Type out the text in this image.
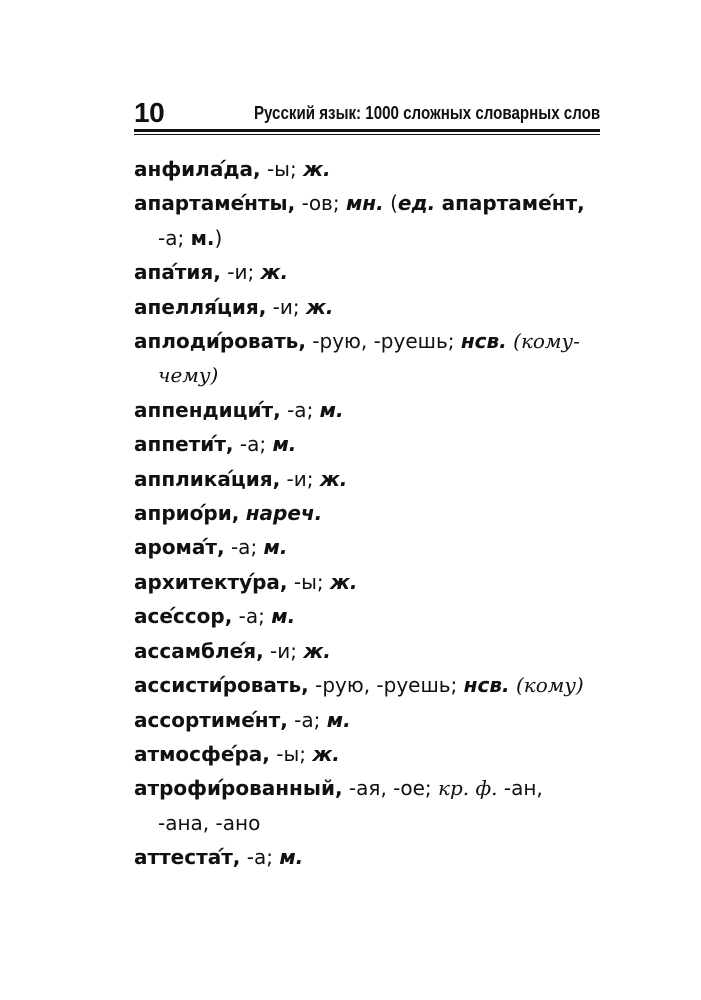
10	Русский язык: 1000 сложных словарных слов
анфилада, -ы; ж.
апартаменты, -ов; мн. (ед. апартамент,
-а; м.)
апатия, -и; ж.
апелляция, -и; ж.
аплодировать, -рую, -руешь; нсв. (кому-
чему)
аппендицит, -а; м.
аппетит, -а; м.
аппликaция, -и; ж.
априори, нареч.
аромат, -а; м.
архитектура, -ы; ж.
асессор, -а; м.
ассамблея, -и; ж.
ассистировать, -рую, -руешь; нсв. (кому)
ассортимент, -а; м.
атмосфера, -ы; ж.
атрофированный, -ая, -ое; кр. ф. -ан,
-ана, -ано
аттестат, -а; м.
